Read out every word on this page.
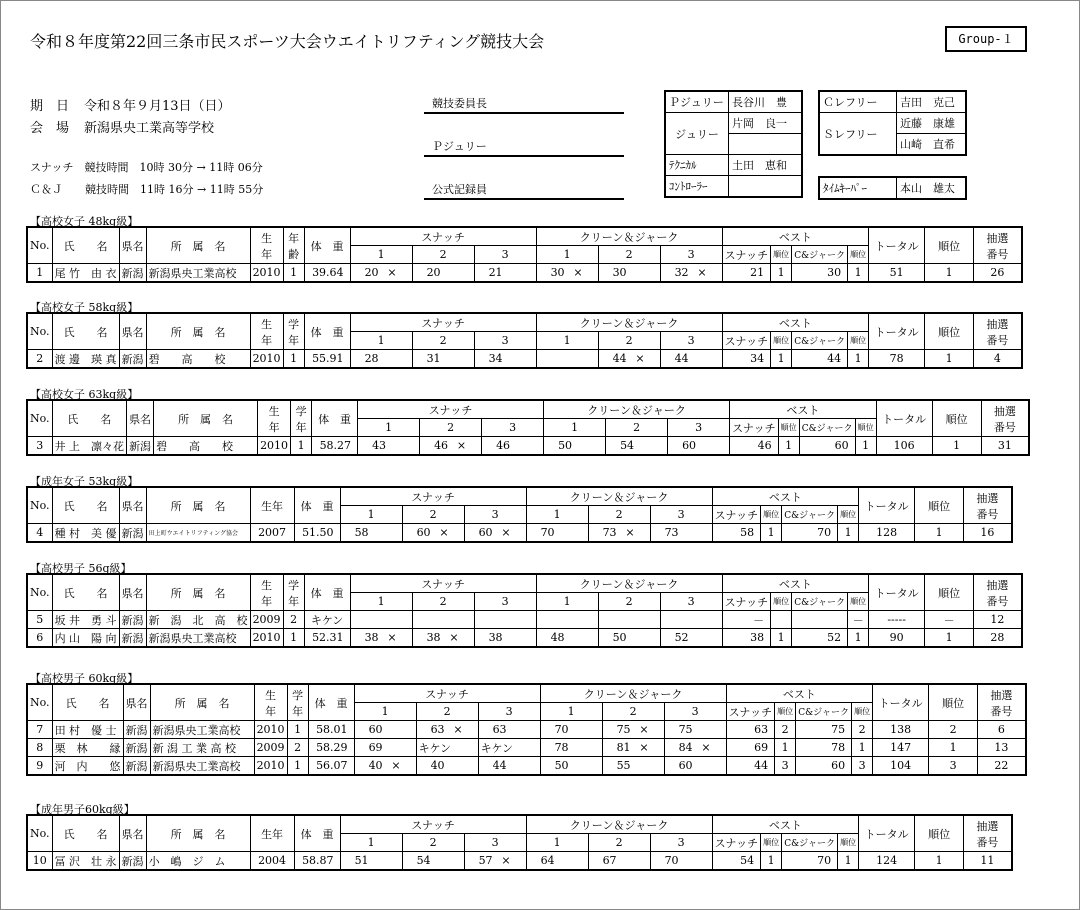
令和８年度第22回三条市民スポーツ大会ウエイトリフティング競技大会	Group-１
期　日 令和８年９月13日（日）
会　場 新潟県央工業高等学校
スナッチ　競技時間　10時 30分 → 11時 06分
Ｃ＆Ｊ　　競技時間　11時 16分 → 11時 55分
競技委員長
Ｐジュリー
公式記録員
Ｐジュリー	長谷川　豊
ジュリー	片岡　良一

ﾃｸﾆｶﾙ	土田　恵和
ｺﾝﾄﾛｰﾗｰ	
Ｃレフリー	吉田　克己
Ｓレフリー	近藤　康雄
	山崎　直希
ﾀｲﾑｷｰﾊﾟｰ	本山　雄太
【高校女子 48kg級】
No.	氏　　名	県名	所　属　名	生
年	年
齢	体　重	スナッチ			クリーン＆ジャーク			ベスト				トータル	順位	抽選
番号
							1	2	3	1	2	3	スナッチ	順位	C&ジャーク	順位			
1	尾 竹　由 衣	新潟	新潟県央工業高校	2010	1	39.64	20 ×	20	21	30 ×	30	32 ×	21	1	30	1	51	1	26
【高校女子 58kg級】
No.	氏　　名	県名	所　属　名	生
年	学
年	体　重	スナッチ			クリーン＆ジャーク			ベスト				トータル	順位	抽選
番号
							1	2	3	1	2	3	スナッチ	順位	C&ジャーク	順位			
2	渡 邊　瑛 真	新潟	碧　　高　　校	2010	1	55.91	28	31	34		44 ×	44	34	1	44	1	78	1	4
【高校女子 63kg級】
No.	氏　　名	県名	所　属　名	生
年	学
年	体　重	スナッチ			クリーン＆ジャーク			ベスト				トータル	順位	抽選
番号
							1	2	3	1	2	3	スナッチ	順位	C&ジャーク	順位			
3	井 上　凛々花	新潟	碧　　高　　校	2010	1	58.27	43	46 ×	46	50	54	60	46	1	60	1	106	1	31
【成年女子 53kg級】
No.	氏　　名	県名	所　属　名	生年	体　重	スナッチ			クリーン＆ジャーク			ベスト				トータル	順位	抽選
番号
						1	2	3	1	2	3	スナッチ	順位	C&ジャーク	順位			
4	種 村　美 優	新潟	田上町ウエイトリフティング協会	2007	51.50	58	60 ×	60 ×	70	73 ×	73	58	1	70	1	128	1	16
【高校男子 56g級】
No.	氏　　名	県名	所　属　名	生
年	学
年	体　重	スナッチ			クリーン＆ジャーク			ベスト				トータル	順位	抽選
番号
							1	2	3	1	2	3	スナッチ	順位	C&ジャーク	順位			
5	坂 井　勇 斗	新潟	新　潟　北　高　校	2009	2	キケン							－			－	-----	－	12
6	内 山　陽 向	新潟	新潟県央工業高校	2010	1	52.31	38 ×	38 ×	38	48	50	52	38	1	52	1	90	1	28
【高校男子 60kg級】
No.	氏　　名	県名	所　属　名	生
年	学
年	体　重	スナッチ			クリーン＆ジャーク			ベスト				トータル	順位	抽選
番号
							1	2	3	1	2	3	スナッチ	順位	C&ジャーク	順位			
7	田 村　優 士	新潟	新潟県央工業高校	2010	1	58.01	60	63 ×	63	70	75 ×	75	63	2	75	2	138	2	6
8	栗　林　　縁	新潟	新 潟 工 業 高 校	2009	2	58.29	69	キケン	キケン	78	81 ×	84 ×	69	1	78	1	147	1	13
9	河　内　　悠	新潟	新潟県央工業高校	2010	1	56.07	40 ×	40	44	50	55	60	44	3	60	3	104	3	22
【成年男子60kg級】
No.	氏　　名	県名	所　属　名	生年	体　重	スナッチ			クリーン＆ジャーク			ベスト				トータル	順位	抽選
番号
						1	2	3	1	2	3	スナッチ	順位	C&ジャーク	順位			
10	冨 沢　壮 永	新潟	小　嶋　ジ　ム	2004	58.87	51	54	57 ×	64	67	70	54	1	70	1	124	1	11
